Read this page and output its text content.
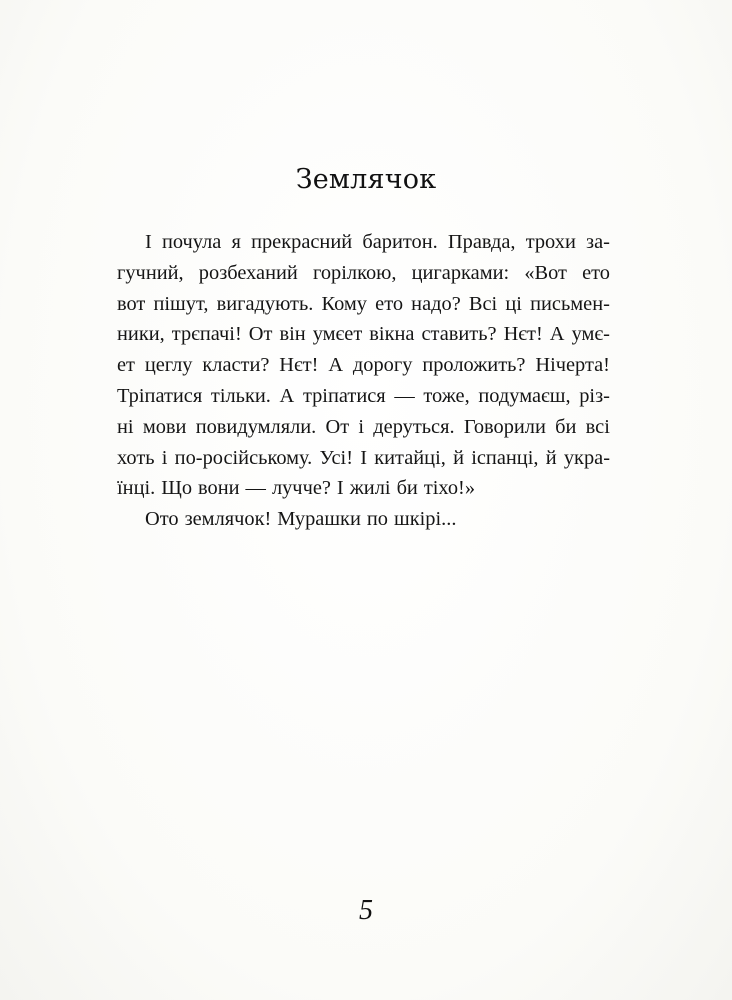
Землячок
І почула я прекрасний баритон. Правда, трохи за-
гучний, розбеханий горілкою, цигарками: «Вот ето
вот пішут, вигадують. Кому ето надо? Всі ці письмен-
ники, трєпачі! От він умєет вікна ставить? Нєт! А умє-
ет цеглу класти? Нєт! А дорогу проложить? Нічерта!
Тріпатися тільки. А тріпатися — тоже, подумаєш, різ-
ні мови повидумляли. От і деруться. Говорили би всі
хоть і по-російському. Усі! І китайці, й іспанці, й укра-
їнці. Що вони — лучче? І жилі би тіхо!»
Ото землячок! Мурашки по шкірі...
5
